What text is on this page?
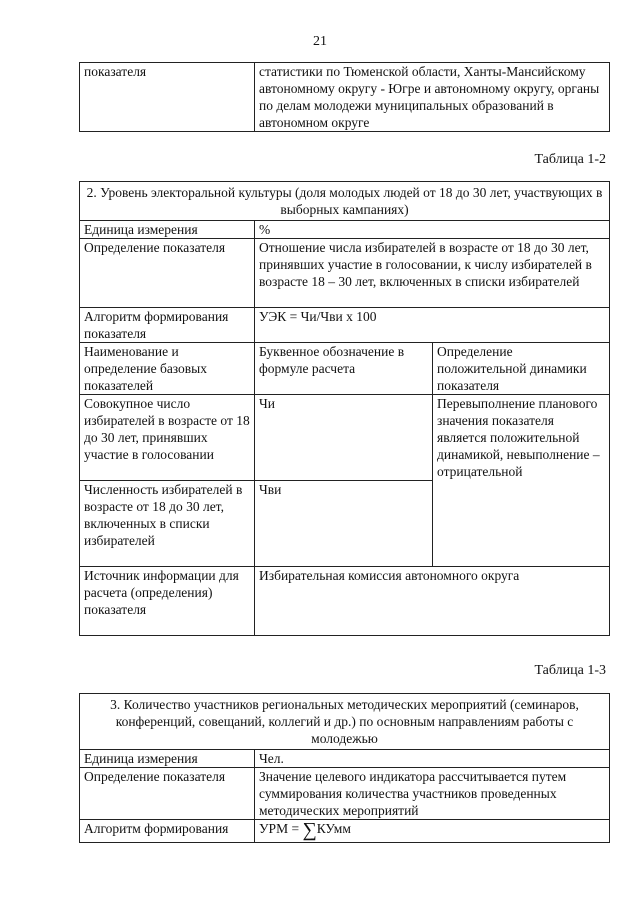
21
показателя	статистики по Тюменской области, Ханты-Мансийскому автономному округу - Югре и автономному округу, органы по делам молодежи муниципальных образований в автономном округе
Таблица 1-2
2. Уровень электоральной культуры (доля молодых людей от 18 до 30 лет, участвующих в выборных кампаниях)		
Единица измерения	%	
Определение показателя	Отношение числа избирателей в возрасте от 18 до 30 лет, принявших участие в голосовании, к числу избирателей в возрасте 18 – 30 лет, включенных в списки избирателей	
Алгоритм формирования показателя	УЭК = Чи/Чви х 100	
Наименование и определение базовых показателей	Буквенное обозначение в формуле расчета	Определение положительной динамики показателя
Совокупное число избирателей в возрасте от 18 до 30 лет, принявших участие в голосовании	Чи	Перевыполнение планового значения показателя является положительной динамикой, невыполнение – отрицательной
Численность избирателей в возрасте от 18 до 30 лет, включенных в списки избирателей	Чви	
Источник информации для расчета (определения) показателя	Избирательная комиссия автономного округа	
Таблица 1-3
3. Количество участников региональных методических мероприятий (семинаров, конференций, совещаний, коллегий и др.) по основным направлениям работы с молодежью	
Единица измерения	Чел.
Определение показателя	Значение целевого индикатора рассчитывается путем суммирования количества участников проведенных методических мероприятий
Алгоритм формирования	УРМ = ∑КУмм
